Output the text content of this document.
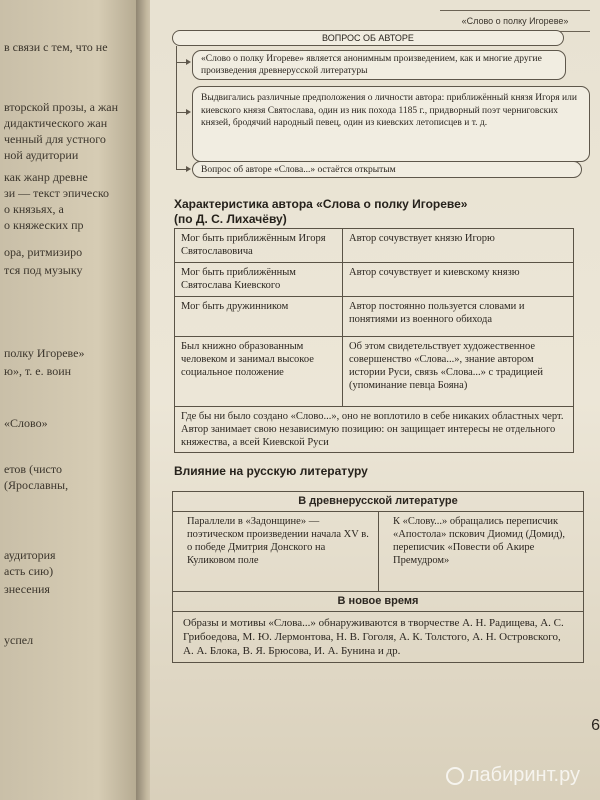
в связи с тем, что не
вторской прозы, а жан
дидактического жан
ченный для устного
ной аудитории
как жанр древне
зи — текст эпическо
о князьях, а
о княжеских пр
ора, ритмизиро
тся под музыку
полку Игореве»
ю», т. е. воин
«Слово»
етов (чисто
(Ярославны,
аудитория
асть сию)
знесения
успел
«Слово о полку Игореве»
ВОПРОС ОБ АВТОРЕ
«Слово о полку Игореве» является анонимным произведением, как и многие другие произведения древнерусской литературы
Выдвигались различные предположения о личности автора: приближённый князя Игоря или киевского князя Святослава, один из ник похода 1185 г., придворный поэт черниговских князей, бродячий народный певец, один из киевских летописцев и т. д.
Вопрос об авторе «Слова...» остаётся открытым
Характеристика автора «Слова о полку Игореве»
(по Д. С. Лихачёву)
Мог быть приближённым Игоря Святославовича	Автор сочувствует князю Игорю
Мог быть приближённым Святослава Киевского	Автор сочувствует и киевскому князю
Мог быть дружинником	Автор постоянно пользуется словами и понятиями из военного обихода
Был книжно образованным человеком и занимал высокое социальное положение	Об этом свидетельствует художественное совершенство «Слова...», знание автором истории Руси, связь «Слова...» с традицией (упоминание певца Бояна)
Где бы ни было создано «Слово...», оно не воплотило в себе никаких областных черт. Автор занимает свою независимую позицию: он защищает интересы не отдельного княжества, а всей Киевской Руси	
Влияние на русскую литературу
В древнерусской литературе
Параллели в «Задонщине» — поэтическом произведении начала XV в. о победе Дмитрия Донского на Куликовом поле	К «Слову...» обращались переписчик «Апостола» пскович Диомид (Домид), переписчик «Повести об Акире Премудром»
В новое время
Образы и мотивы «Слова...» обнаруживаются в творчестве А. Н. Радищева, А. С. Грибоедова, М. Ю. Лермонтова, Н. В. Гоголя, А. К. Толстого, А. Н. Островского, А. А. Блока, В. Я. Брюсова, И. А. Бунина и др.
6
лабиринт.ру
